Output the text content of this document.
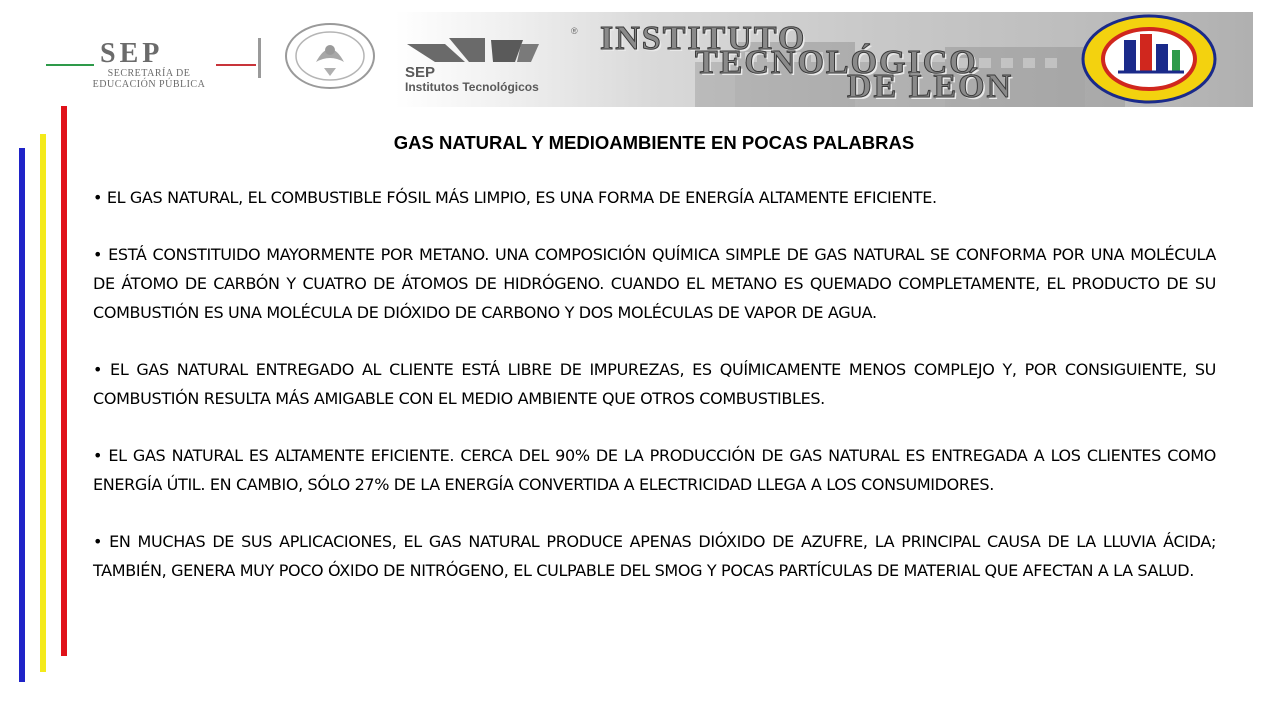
SEP
SECRETARÍA DE
EDUCACIÓN PÚBLICA
SEP
Institutos Tecnológicos
® INSTITUTO
TECNOLÓGICO
DE LEÓN
GAS NATURAL Y MEDIOAMBIENTE EN POCAS PALABRAS

• EL GAS NATURAL, EL COMBUSTIBLE FÓSIL MÁS LIMPIO, ES UNA FORMA DE ENERGÍA ALTAMENTE EFICIENTE.

• ESTÁ CONSTITUIDO MAYORMENTE POR METANO. UNA COMPOSICIÓN QUÍMICA SIMPLE DE GAS NATURAL SE CONFORMA POR UNA MOLÉCULA DE ÁTOMO DE CARBÓN Y CUATRO DE ÁTOMOS DE HIDRÓGENO. CUANDO EL METANO ES QUEMADO COMPLETAMENTE, EL PRODUCTO DE SU COMBUSTIÓN ES UNA MOLÉCULA DE DIÓXIDO DE CARBONO Y DOS MOLÉCULAS DE VAPOR DE AGUA.

• EL GAS NATURAL ENTREGADO AL CLIENTE ESTÁ LIBRE DE IMPUREZAS, ES QUÍMICAMENTE MENOS COMPLEJO Y, POR CONSIGUIENTE, SU COMBUSTIÓN RESULTA MÁS AMIGABLE CON EL MEDIO AMBIENTE QUE OTROS COMBUSTIBLES.

• EL GAS NATURAL ES ALTAMENTE EFICIENTE. CERCA DEL 90% DE LA PRODUCCIÓN DE GAS NATURAL ES ENTREGADA A LOS CLIENTES COMO ENERGÍA ÚTIL. EN CAMBIO, SÓLO 27% DE LA ENERGÍA CONVERTIDA A ELECTRICIDAD LLEGA A LOS CONSUMIDORES.

• EN MUCHAS DE SUS APLICACIONES, EL GAS NATURAL PRODUCE APENAS DIÓXIDO DE AZUFRE, LA PRINCIPAL CAUSA DE LA LLUVIA ÁCIDA; TAMBIÉN, GENERA MUY POCO ÓXIDO DE NITRÓGENO, EL CULPABLE DEL SMOG Y POCAS PARTÍCULAS DE MATERIAL QUE AFECTAN A LA SALUD.
